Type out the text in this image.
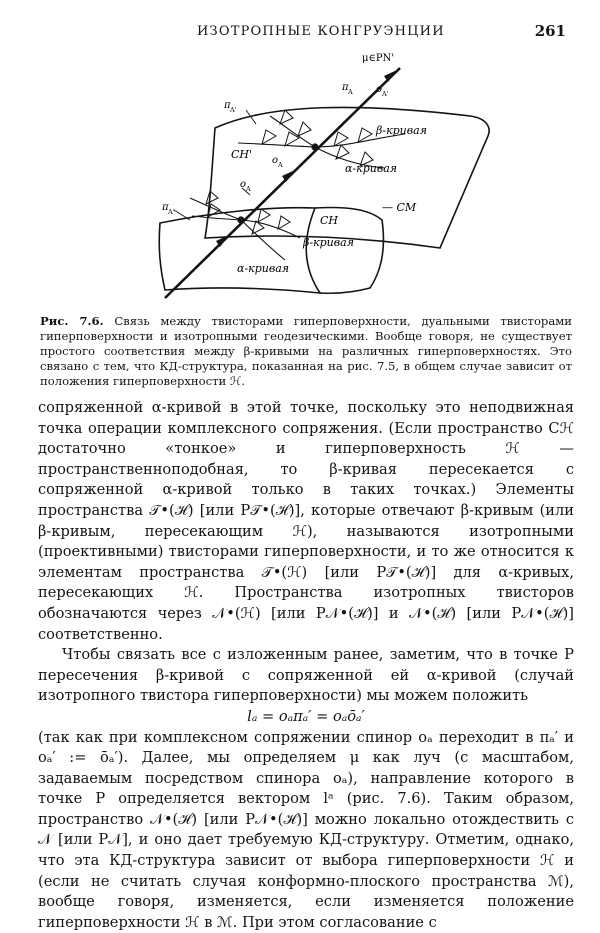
ИЗОТРОПНЫЕ КОНГРУЭНЦИИ	261
μ∈PN'
π A o A'
π A'
β-кривая
CH' o A	α-кривая
— CM
π A'
o A
CH
β-кривая
α-кривая
Рис. 7.6. Связь между твисторами гиперповерхности, дуальными твисторами гиперповерхности и изотропными геодезическими. Вообще говоря, не существует простого соответствия между β-кривыми на различных гиперповерхностях. Это связано с тем, что КД-структура, показанная на рис. 7.5, в общем случае зависит от положения гиперповерхности ℋ.

сопряженной α-кривой в этой точке, поскольку это неподвижная точка операции комплексного сопряжения. (Если пространство Cℋ достаточно «тонкое» и гиперповерхность ℋ — пространственноподобная, то β-кривая пересекается с сопряженной α-кривой только в таких точках.) Элементы пространства 𝒯•(ℋ) [или P𝒯•(ℋ)], которые отвечают β-кривым (или β-кривым, пересекающим ℋ), называются изотропными (проективными) твисторами гиперповерхности, и то же относится к элементам пространства 𝒯•(ℋ) [или P𝒯•(ℋ)] для α-кривых, пересекающих ℋ. Пространства изотропных твисторов обозначаются через 𝒩•(ℋ) [или P𝒩•(ℋ)] и 𝒩•(ℋ) [или P𝒩•(ℋ)] соответственно.

Чтобы связать все с изложенным ранее, заметим, что в точке P пересечения β-кривой с сопряженной ей α-кривой (случай изотропного твистора гиперповерхности) мы можем положить

lₐ = oₐπₐ′ = oₐōₐ′

(так как при комплексном сопряжении спинор oₐ переходит в πₐ′ и oₐ′ := ōₐ′). Далее, мы определяем μ как луч (с масштабом, задаваемым посредством спинора oₐ), направление которого в точке P определяется вектором lᵃ (рис. 7.6). Таким образом, пространство 𝒩•(ℋ) [или P𝒩•(ℋ)] можно локально отождествить с 𝒩 [или P𝒩], и оно дает требуемую КД-структуру. Отметим, однако, что эта КД-структура зависит от выбора гиперповерхности ℋ и (если не считать случая конформно-плоского пространства ℳ), вообще говоря, изменяется, если изменяется положение гиперповерхности ℋ в ℳ. При этом согласование с
